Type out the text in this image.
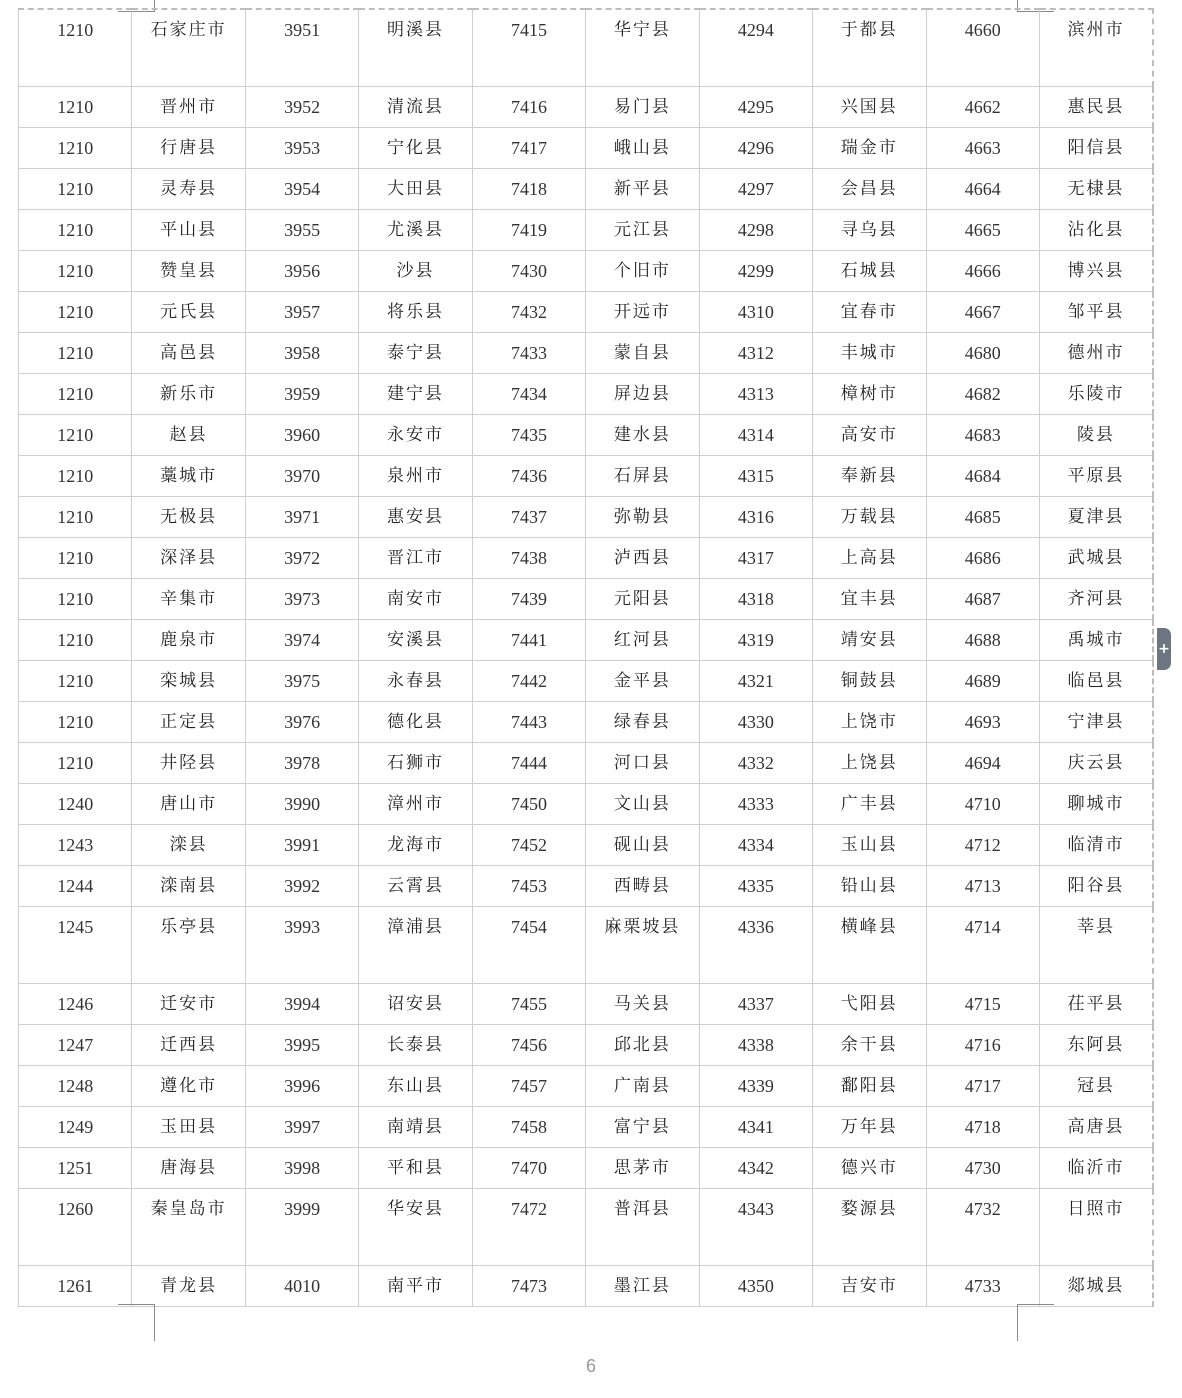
1210	石家庄市	3951	明溪县	7415	华宁县	4294	于都县	4660	滨州市
1210	晋州市	3952	清流县	7416	易门县	4295	兴国县	4662	惠民县
1210	行唐县	3953	宁化县	7417	峨山县	4296	瑞金市	4663	阳信县
1210	灵寿县	3954	大田县	7418	新平县	4297	会昌县	4664	无棣县
1210	平山县	3955	尤溪县	7419	元江县	4298	寻乌县	4665	沾化县
1210	赞皇县	3956	沙县	7430	个旧市	4299	石城县	4666	博兴县
1210	元氏县	3957	将乐县	7432	开远市	4310	宜春市	4667	邹平县
1210	高邑县	3958	泰宁县	7433	蒙自县	4312	丰城市	4680	德州市
1210	新乐市	3959	建宁县	7434	屏边县	4313	樟树市	4682	乐陵市
1210	赵县	3960	永安市	7435	建水县	4314	高安市	4683	陵县
1210	藁城市	3970	泉州市	7436	石屏县	4315	奉新县	4684	平原县
1210	无极县	3971	惠安县	7437	弥勒县	4316	万载县	4685	夏津县
1210	深泽县	3972	晋江市	7438	泸西县	4317	上高县	4686	武城县
1210	辛集市	3973	南安市	7439	元阳县	4318	宜丰县	4687	齐河县
1210	鹿泉市	3974	安溪县	7441	红河县	4319	靖安县	4688	禹城市
1210	栾城县	3975	永春县	7442	金平县	4321	铜鼓县	4689	临邑县
1210	正定县	3976	德化县	7443	绿春县	4330	上饶市	4693	宁津县
1210	井陉县	3978	石狮市	7444	河口县	4332	上饶县	4694	庆云县
1240	唐山市	3990	漳州市	7450	文山县	4333	广丰县	4710	聊城市
1243	滦县	3991	龙海市	7452	砚山县	4334	玉山县	4712	临清市
1244	滦南县	3992	云霄县	7453	西畴县	4335	铅山县	4713	阳谷县
1245	乐亭县	3993	漳浦县	7454	麻栗坡县	4336	横峰县	4714	莘县
1246	迁安市	3994	诏安县	7455	马关县	4337	弋阳县	4715	茌平县
1247	迁西县	3995	长泰县	7456	邱北县	4338	余干县	4716	东阿县
1248	遵化市	3996	东山县	7457	广南县	4339	鄱阳县	4717	冠县
1249	玉田县	3997	南靖县	7458	富宁县	4341	万年县	4718	高唐县
1251	唐海县	3998	平和县	7470	思茅市	4342	德兴市	4730	临沂市
1260	秦皇岛市	3999	华安县	7472	普洱县	4343	婺源县	4732	日照市
1261	青龙县	4010	南平市	7473	墨江县	4350	吉安市	4733	郯城县
6
+
